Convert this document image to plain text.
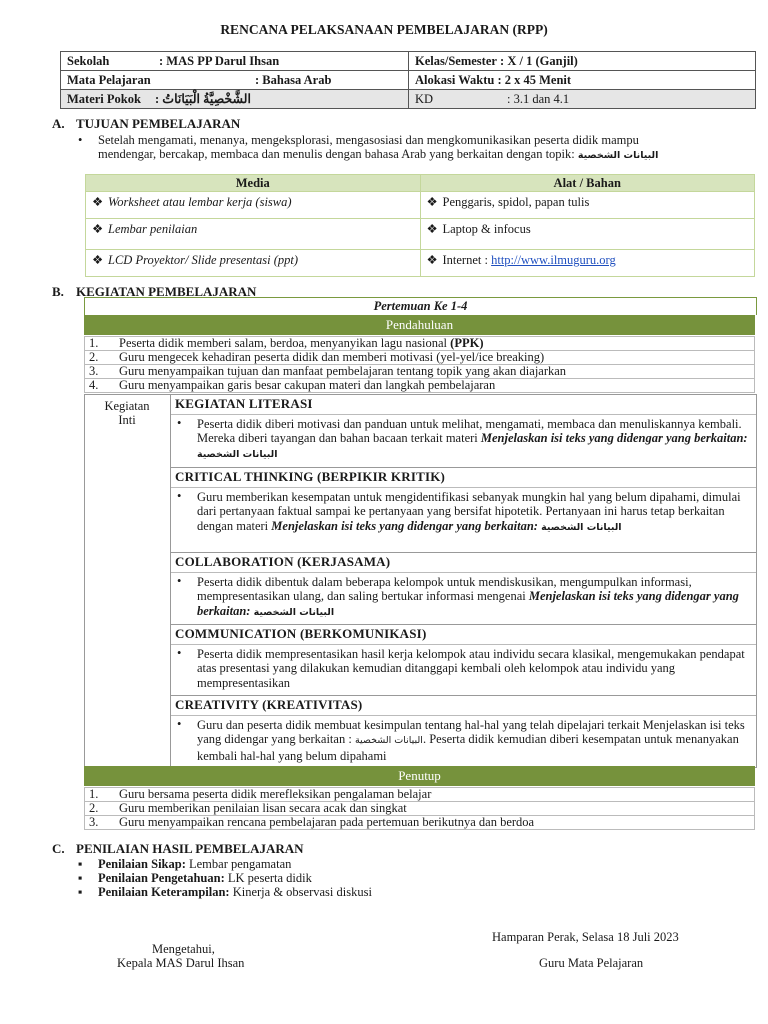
RENCANA PELAKSANAAN PEMBELAJARAN (RPP)
Sekolah : MAS PP Darul Ihsan	Kelas/Semester : X / 1 (Ganjil)
Mata Pelajaran : Bahasa Arab	Alokasi Waktu : 2 x 45 Menit
Materi Pokok : ‌الشَّخْصِيَّةُ الْبَيَانَاتُ	KD : 3.1 dan 4.1
A. TUJUAN PEMBELAJARAN
• Setelah mengamati, menanya, mengeksplorasi, mengasosiasi dan mengkomunikasikan peserta didik mampu
mendengar, bercakap, membaca dan menulis dengan bahasa Arab yang berkaitan dengan topik: البيانات الشخصية
Media	Alat / Bahan
❖ Worksheet atau lembar kerja (siswa)	❖ Penggaris, spidol, papan tulis
❖ Lembar penilaian	❖ Laptop & infocus
❖ LCD Proyektor/ Slide presentasi (ppt)	❖ Internet : http://www.ilmuguru.org
B. KEGIATAN PEMBELAJARAN
Pertemuan Ke 1-4
Pendahuluan
1.	Peserta didik memberi salam, berdoa, menyanyikan lagu nasional (PPK)
2.	Guru mengecek kehadiran peserta didik dan memberi motivasi (yel-yel/ice breaking)
3.	Guru menyampaikan tujuan dan manfaat pembelajaran tentang topik yang akan diajarkan
4.	Guru menyampaikan garis besar cakupan materi dan langkah pembelajaran
Kegiatan
Inti
KEGIATAN LITERASI
• Peserta didik diberi motivasi dan panduan untuk melihat, mengamati, membaca dan menuliskannya kembali. Mereka diberi tayangan dan bahan bacaan terkait materi Menjelaskan isi teks yang didengar yang berkaitan: البيانات الشخصية
CRITICAL THINKING (BERPIKIR KRITIK)
• Guru memberikan kesempatan untuk mengidentifikasi sebanyak mungkin hal yang belum dipahami, dimulai dari pertanyaan faktual sampai ke pertanyaan yang bersifat hipotetik. Pertanyaan ini harus tetap berkaitan dengan materi Menjelaskan isi teks yang didengar yang berkaitan: البيانات الشخصية
COLLABORATION (KERJASAMA)
• Peserta didik dibentuk dalam beberapa kelompok untuk mendiskusikan, mengumpulkan informasi, mempresentasikan ulang, dan saling bertukar informasi mengenai Menjelaskan isi teks yang didengar yang berkaitan: البيانات الشخصية
COMMUNICATION (BERKOMUNIKASI)
• Peserta didik mempresentasikan hasil kerja kelompok atau individu secara klasikal, mengemukakan pendapat atas presentasi yang dilakukan kemudian ditanggapi kembali oleh kelompok atau individu yang mempresentasikan
CREATIVITY (KREATIVITAS)
• Guru dan peserta didik membuat kesimpulan tentang hal-hal yang telah dipelajari terkait Menjelaskan isi teks yang didengar yang berkaitan : البيانات الشخصية. Peserta didik kemudian diberi kesempatan untuk menanyakan kembali hal-hal yang belum dipahami
Penutup
1.	Guru bersama peserta didik merefleksikan pengalaman belajar
2.	Guru memberikan penilaian lisan secara acak dan singkat
3.	Guru menyampaikan rencana pembelajaran pada pertemuan berikutnya dan berdoa
C. PENILAIAN HASIL PEMBELAJARAN
▪ Penilaian Sikap: Lembar pengamatan
▪ Penilaian Pengetahuan: LK peserta didik
▪ Penilaian Keterampilan: Kinerja & observasi diskusi
Hamparan Perak, Selasa 18 Juli 2023
Mengetahui,
Kepala MAS Darul Ihsan	Guru Mata Pelajaran
